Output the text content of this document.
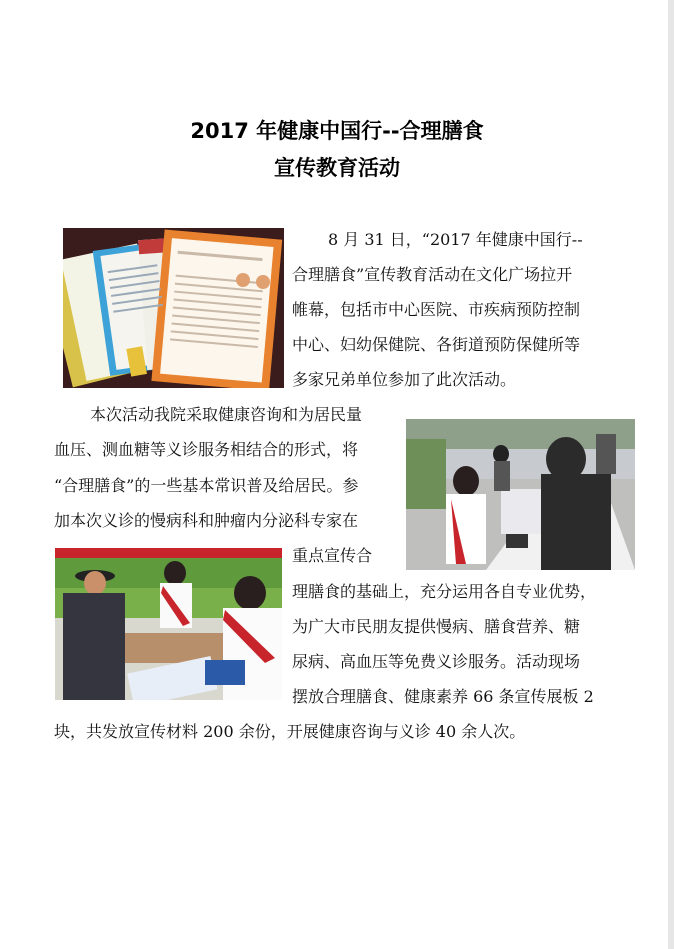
2017 年健康中国行--合理膳食
宣传教育活动
8 月 31 日，“2017 年健康中国行--
合理膳食”宣传教育活动在文化广场拉开
帷幕，包括市中心医院、市疾病预防控制
中心、妇幼保健院、各街道预防保健所等
多家兄弟单位参加了此次活动。
本次活动我院采取健康咨询和为居民量
血压、测血糖等义诊服务相结合的形式，将
“合理膳食”的一些基本常识普及给居民。参
加本次义诊的慢病科和肿瘤内分泌科专家在
重点宣传合
理膳食的基础上，充分运用各自专业优势，
为广大市民朋友提供慢病、膳食营养、糖
尿病、高血压等免费义诊服务。活动现场
摆放合理膳食、健康素养 66 条宣传展板 2
块，共发放宣传材料 200 余份，开展健康咨询与义诊 40 余人次。
